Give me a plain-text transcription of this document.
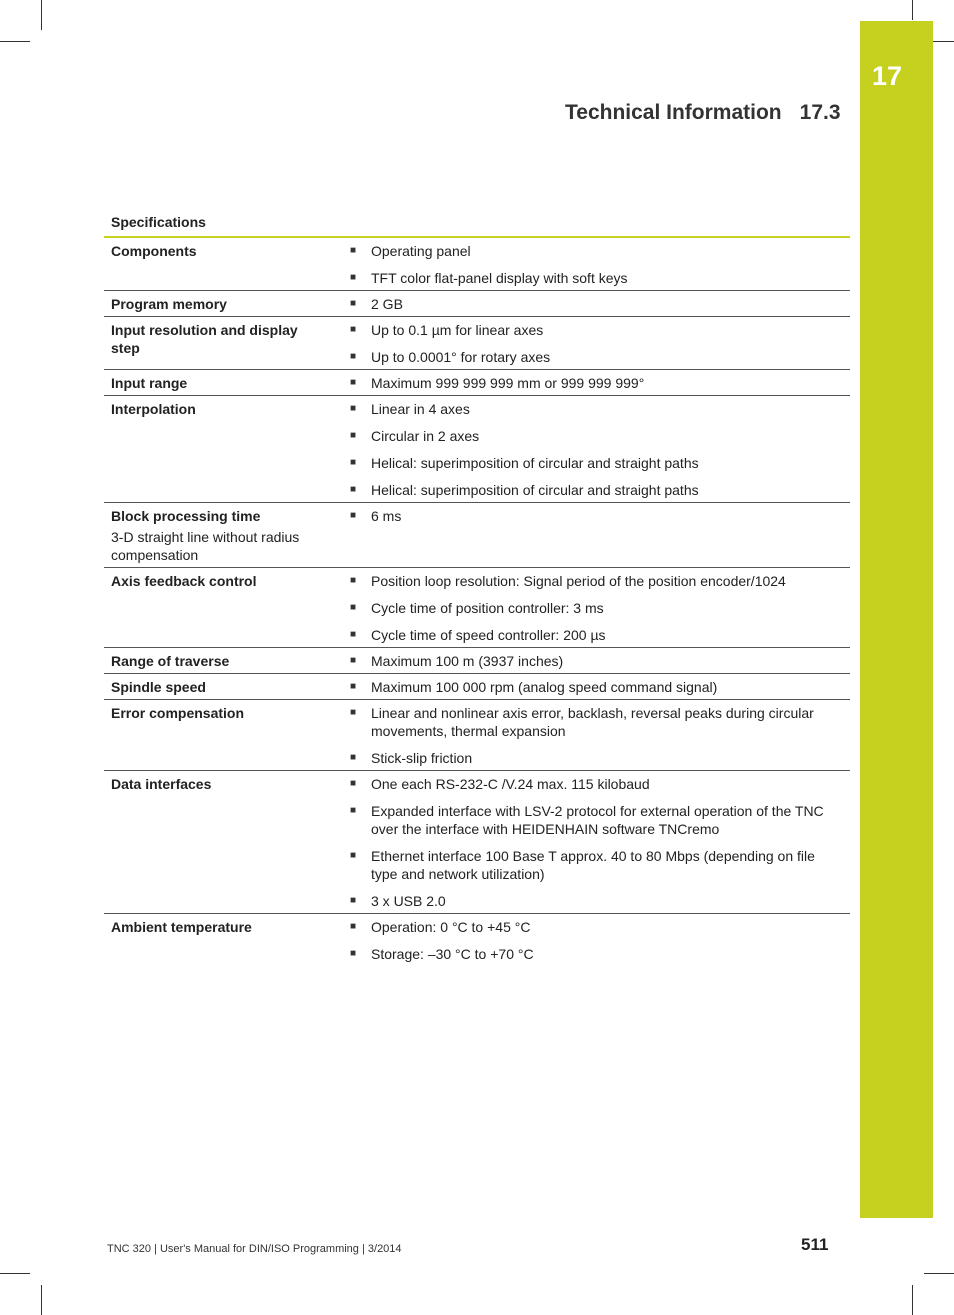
17
Technical Information 17.3
Specifications
Components	■	Operating panel
	■	TFT color flat-panel display with soft keys
Program memory	■	2 GB
Input resolution and display step	■	Up to 0.1 µm for linear axes
	■	Up to 0.0001° for rotary axes
Input range	■	Maximum 999 999 999 mm or 999 999 999°
Interpolation	■	Linear in 4 axes
	■	Circular in 2 axes
	■	Helical: superimposition of circular and straight paths
	■	Helical: superimposition of circular and straight paths
Block processing time
3-D straight line without radius compensation	■	6 ms
Axis feedback control	■	Position loop resolution: Signal period of the position encoder/1024
	■	Cycle time of position controller: 3 ms
	■	Cycle time of speed controller: 200 µs
Range of traverse	■	Maximum 100 m (3937 inches)
Spindle speed	■	Maximum 100 000 rpm (analog speed command signal)
Error compensation	■	Linear and nonlinear axis error, backlash, reversal peaks during circular movements, thermal expansion
	■	Stick-slip friction
Data interfaces	■	One each RS-232-C /V.24 max. 115 kilobaud
	■	Expanded interface with LSV-2 protocol for external operation of the TNC over the interface with HEIDENHAIN software TNCremo
	■	Ethernet interface 100 Base T approx. 40 to 80 Mbps (depending on file type and network utilization)
	■	3 x USB 2.0
Ambient temperature	■	Operation: 0 °C to +45 °C
	■	Storage: –30 °C to +70 °C
TNC 320 | User's Manual for DIN/ISO Programming | 3/2014	511
